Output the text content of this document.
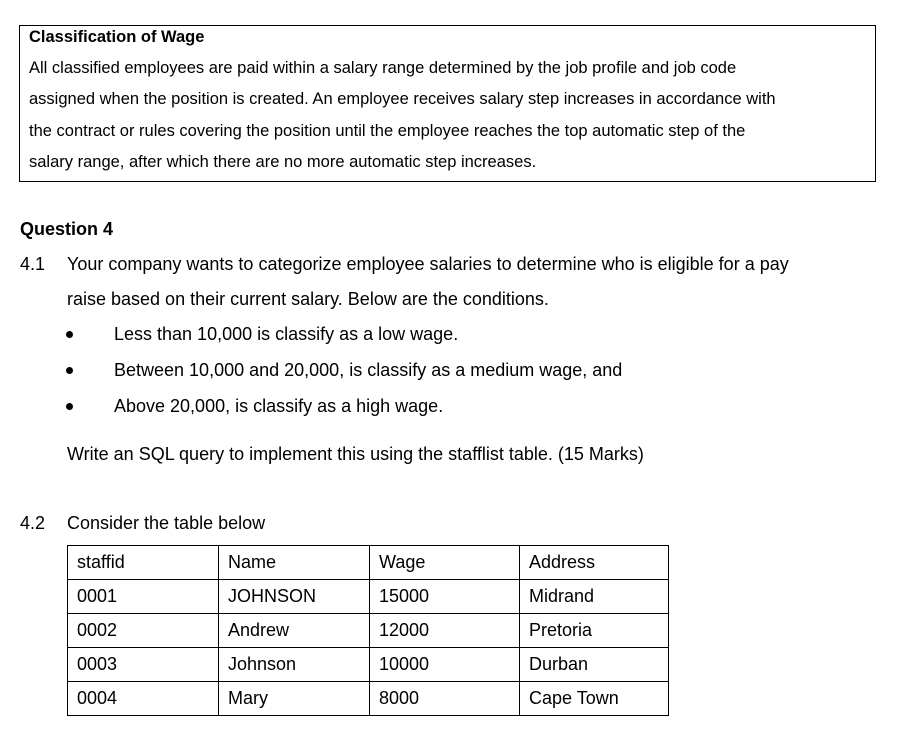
Classification of Wage
All classified employees are paid within a salary range determined by the job profile and job code
assigned when the position is created. An employee receives salary step increases in accordance with
the contract or rules covering the position until the employee reaches the top automatic step of the
salary range, after which there are no more automatic step increases.
Question 4
4.1 Your company wants to categorize employee salaries to determine who is eligible for a pay
raise based on their current salary. Below are the conditions.
Less than 10,000 is classify as a low wage.
Between 10,000 and 20,000, is classify as a medium wage, and
Above 20,000, is classify as a high wage.
Write an SQL query to implement this using the stafflist table. (15 Marks)
4.2 Consider the table below
staffid	Name	Wage	Address
0001	JOHNSON	15000	Midrand
0002	Andrew	12000	Pretoria
0003	Johnson	10000	Durban
0004	Mary	8000	Cape Town
